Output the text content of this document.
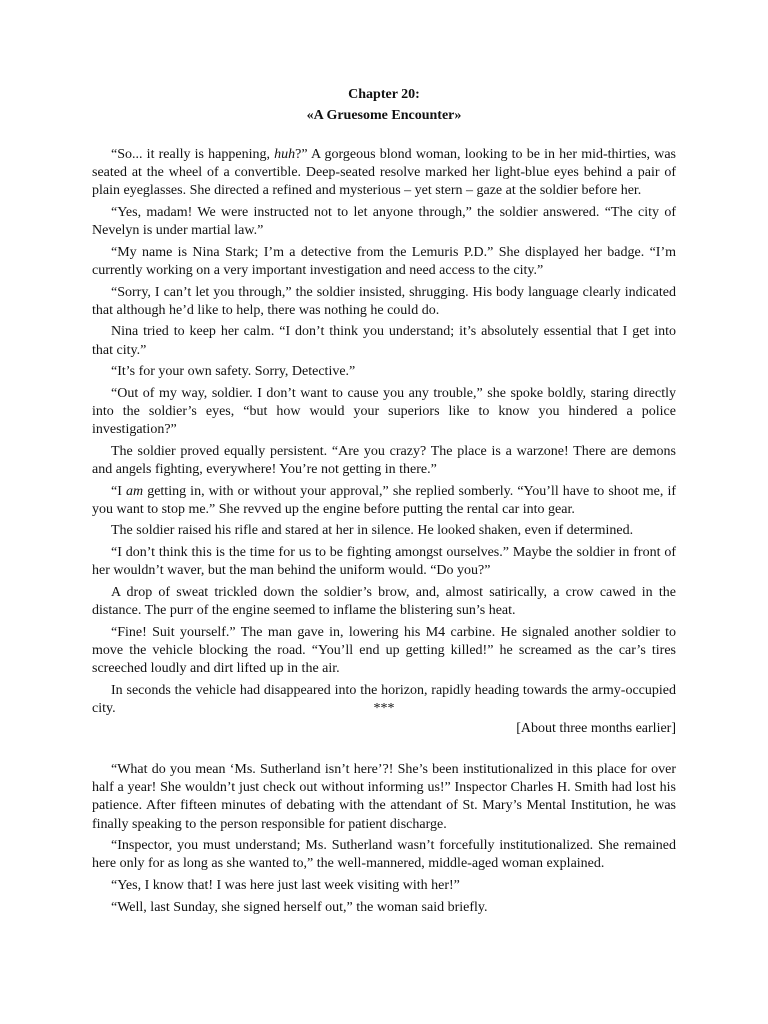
Chapter 20:
«A Gruesome Encounter»

“So... it really is happening, huh?” A gorgeous blond woman, looking to be in her mid-thirties, was seated at the wheel of a convertible. Deep-seated resolve marked her light-blue eyes behind a pair of plain eyeglasses. She directed a refined and mysterious – yet stern – gaze at the soldier before her.

“Yes, madam! We were instructed not to let anyone through,” the soldier answered. “The city of Nevelyn is under martial law.”

“My name is Nina Stark; I’m a detective from the Lemuris P.D.” She displayed her badge. “I’m currently working on a very important investigation and need access to the city.”

“Sorry, I can’t let you through,” the soldier insisted, shrugging. His body language clearly indicated that although he’d like to help, there was nothing he could do.

Nina tried to keep her calm. “I don’t think you understand; it’s absolutely essential that I get into that city.”

“It’s for your own safety. Sorry, Detective.”

“Out of my way, soldier. I don’t want to cause you any trouble,” she spoke boldly, staring directly into the soldier’s eyes, “but how would your superiors like to know you hindered a police investigation?”

The soldier proved equally persistent. “Are you crazy? The place is a warzone! There are demons and angels fighting, everywhere! You’re not getting in there.”

“I am getting in, with or without your approval,” she replied somberly. “You’ll have to shoot me, if you want to stop me.” She revved up the engine before putting the rental car into gear.

The soldier raised his rifle and stared at her in silence. He looked shaken, even if determined.

“I don’t think this is the time for us to be fighting amongst ourselves.” Maybe the soldier in front of her wouldn’t waver, but the man behind the uniform would. “Do you?”

A drop of sweat trickled down the soldier’s brow, and, almost satirically, a crow cawed in the distance. The purr of the engine seemed to inflame the blistering sun’s heat.

“Fine! Suit yourself.” The man gave in, lowering his M4 carbine. He signaled another soldier to move the vehicle blocking the road. “You’ll end up getting killed!” he screamed as the car’s tires screeched loudly and dirt lifted up in the air.

In seconds the vehicle had disappeared into the horizon, rapidly heading towards the army-occupied city.	***
[About three months earlier]

“What do you mean ‘Ms. Sutherland isn’t here’?! She’s been institutionalized in this place for over half a year! She wouldn’t just check out without informing us!” Inspector Charles H. Smith had lost his patience. After fifteen minutes of debating with the attendant of St. Mary’s Mental Institution, he was finally speaking to the person responsible for patient discharge.

“Inspector, you must understand; Ms. Sutherland wasn’t forcefully institutionalized. She remained here only for as long as she wanted to,” the well-mannered, middle-aged woman explained.

“Yes, I know that! I was here just last week visiting with her!”

“Well, last Sunday, she signed herself out,” the woman said briefly.
